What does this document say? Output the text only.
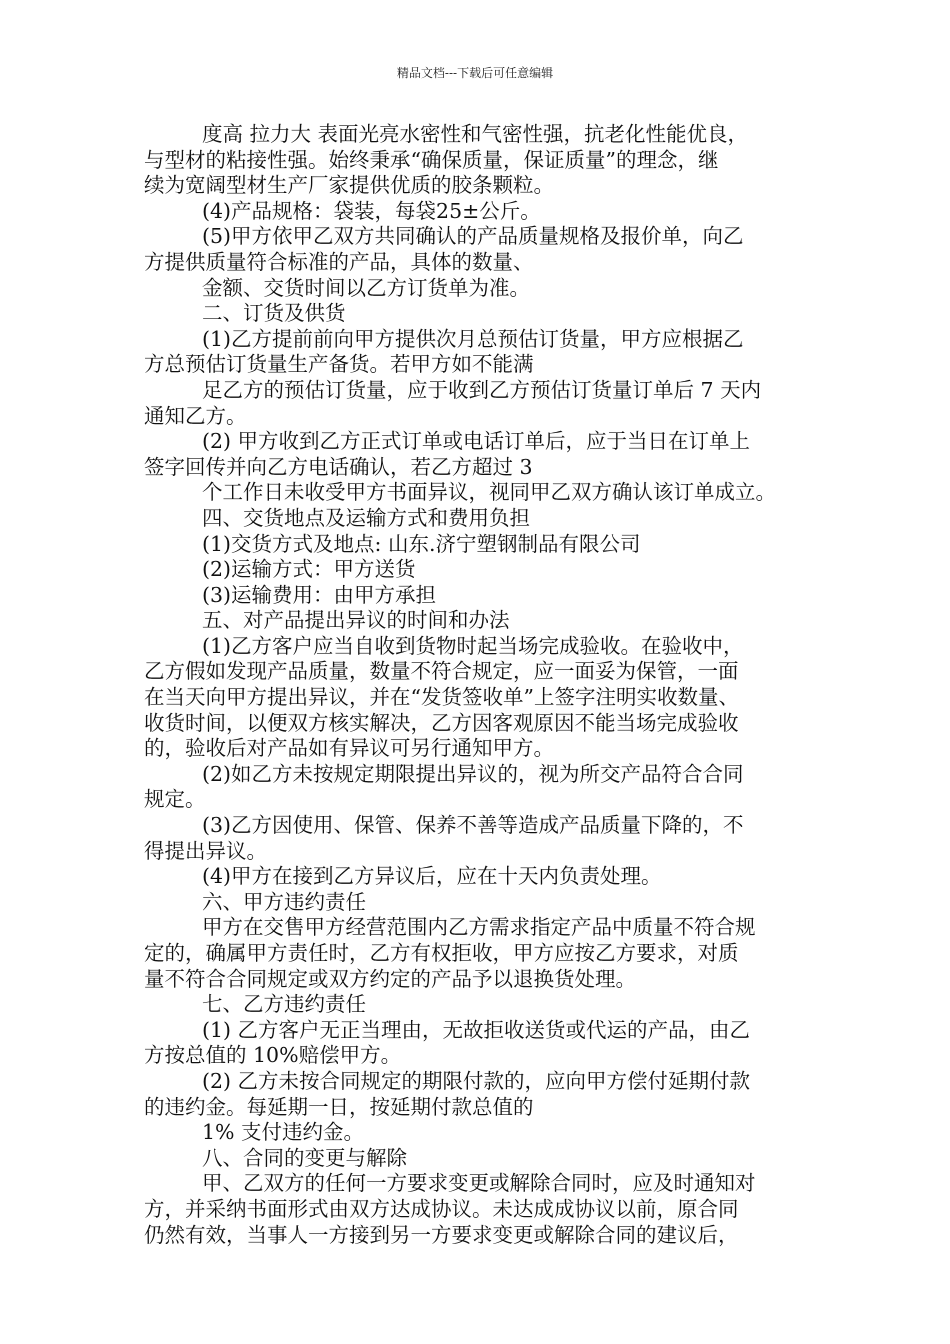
精品文档---下载后可任意编辑
度高 拉力大 表面光亮水密性和气密性强，抗老化性能优良，
与型材的粘接性强。始终秉承“确保质量，保证质量”的理念，继
续为宽阔型材生产厂家提供优质的胶条颗粒。
(4)产品规格：袋装，每袋25±公斤。
(5)甲方依甲乙双方共同确认的产品质量规格及报价单，向乙
方提供质量符合标准的产品，具体的数量、
金额、交货时间以乙方订货单为准。
二、订货及供货
(1)乙方提前前向甲方提供次月总预估订货量，甲方应根据乙
方总预估订货量生产备货。若甲方如不能满
足乙方的预估订货量，应于收到乙方预估订货量订单后 7 天内
通知乙方。
(2) 甲方收到乙方正式订单或电话订单后，应于当日在订单上
签字回传并向乙方电话确认，若乙方超过 3
个工作日未收受甲方书面异议，视同甲乙双方确认该订单成立。
四、交货地点及运输方式和费用负担
(1)交货方式及地点: 山东.济宁塑钢制品有限公司
(2)运输方式：甲方送货
(3)运输费用：由甲方承担
五、对产品提出异议的时间和办法
(1)乙方客户应当自收到货物时起当场完成验收。在验收中，
乙方假如发现产品质量，数量不符合规定，应一面妥为保管，一面
在当天向甲方提出异议，并在“发货签收单”上签字注明实收数量、
收货时间，以便双方核实解决，乙方因客观原因不能当场完成验收
的，验收后对产品如有异议可另行通知甲方。
(2)如乙方未按规定期限提出异议的，视为所交产品符合合同
规定。
(3)乙方因使用、保管、保养不善等造成产品质量下降的，不
得提出异议。
(4)甲方在接到乙方异议后，应在十天内负责处理。
六、甲方违约责任
甲方在交售甲方经营范围内乙方需求指定产品中质量不符合规
定的，确属甲方责任时，乙方有权拒收，甲方应按乙方要求，对质
量不符合合同规定或双方约定的产品予以退换货处理。
七、乙方违约责任
(1) 乙方客户无正当理由，无故拒收送货或代运的产品，由乙
方按总值的 10%赔偿甲方。
(2) 乙方未按合同规定的期限付款的，应向甲方偿付延期付款
的违约金。每延期一日，按延期付款总值的
1% 支付违约金。
八、合同的变更与解除
甲、乙双方的任何一方要求变更或解除合同时，应及时通知对
方，并采纳书面形式由双方达成协议。未达成成协议以前，原合同
仍然有效，当事人一方接到另一方要求变更或解除合同的建议后，
